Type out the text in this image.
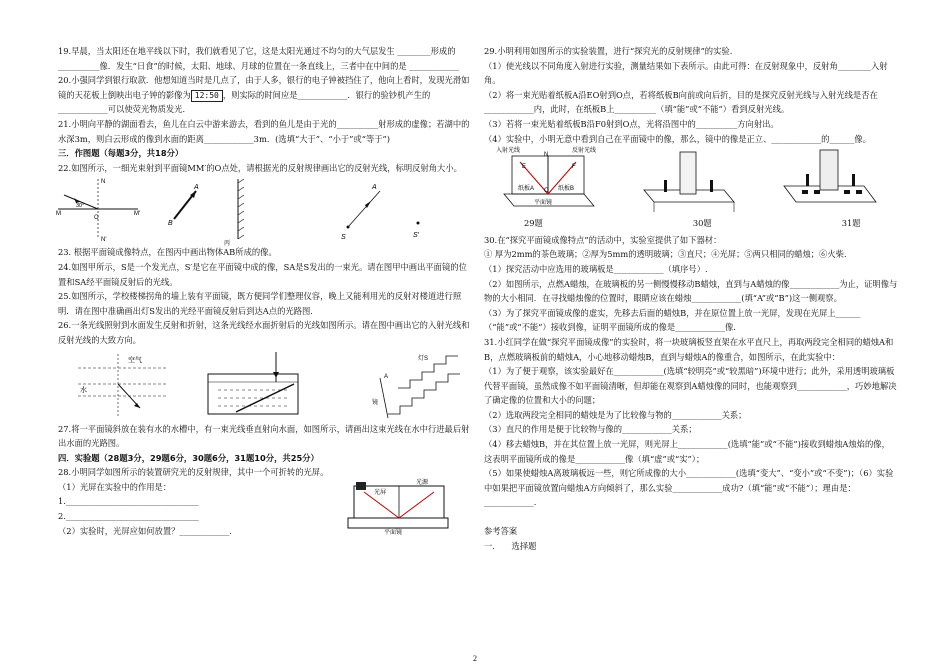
19.早晨，当太阳还在地平线以下时，我们就看见了它，这是太阳光通过不均匀的大气层发生 ________形成的 __________像．发生“日食”的时候，太阳、地球、月球的位置在一条直线上，三者中在中间的是 ____________

20.小强同学到银行取款．他想知道当时是几点了，由于人多，银行的电子钟被挡住了，他向上看时，发现光滑如镜的天花板上倒映出电子钟的影像为 12:50 ，则实际的时间应是____________．银行的验钞机产生的____________可以使荧光物质发光．

21.小明向平静的湖面看去，鱼儿在白云中游来游去，看到的鱼儿是由于光的__________射形成的虚像；若湖中的水深3m，则白云形成的像到水面的距离____________3m．(选填“大于”、“小于”或“等于”)

三．作图题（每题3分，共18分）

22.如图所示，一细光束射到平面镜MM′的O点处，请根据光的反射规律画出它的反射光线，标明反射角大小。

M	M′
N
N′
O
30°
A
B
丙
S
A
S′

23. 根据平面镜成像特点，在图丙中画出物体AB所成的像。

24.如图甲所示，S是一个发光点，S′是它在平面镜中成的像，SA是S发出的一束光。请在图甲中画出平面镜的位置和SA经平面镜反射后的光线。

25.如图所示，学校楼梯拐角的墙上装有平面镜，既方便同学们整理仪容，晚上又能利用光的反射对楼道进行照明．请在图中准确画出灯S发出的光经平面镜反射后到达A点的光路图．

26.一条光线照射到水面发生反射和折射，这条光线经水面折射后的光线如图所示。请在图中画出它的入射光线和反射光线的大致方向。

空气
水
灯S
镜
A

27.将一平面镜斜放在装有水的水槽中，有一束光线垂直射向水面，如图所示，请画出这束光线在水中行进最后射出水面的光路图。

四．实验题（28题3分，29题6分，30题6分，31题10分，共25分）

28.小明同学如图所示的装置研究光的反射规律，其中一个可折转的光屏。

（1）光屏在实验中的作用是：

1.________________________________

2.________________________________

（2）实验时，光屏应如何放置？____________.

光屏
光源
平面镜

29.小明利用如图所示的实验装置，进行“探究光的反射规律”的实验.

（1）使光线以不同角度入射进行实验，测量结果如下表所示。由此可得：在反射现象中，反射角________入射角。

（2）将一束光贴着纸板A沿EO射到O点，若将纸板B向前或向后折，目的是探究反射光线与入射光线是否在____________内，此时，在纸板B上__________（填“能”或“不能”）看到反射光线。

（3）若将一束光贴着纸板B沿F0射到O点，光将沿图中的__________方向射出。

（4）实验中，小明无意中看到自己在平面镜中的像，那么，镜中的像是正立、____________的______像。

入射光线	反射光线
纸板A	纸板B
平面镜
E	F
N
O
29题	30题	31题

30.在“探究平面镜成像特点”的活动中，实验室提供了如下器材：

① 厚为2mm的茶色玻璃；②厚为5mm的透明玻璃；③直尺；④光屏；⑤两只相同的蜡烛；⑥火柴.

（1）探究活动中应选用的玻璃板是____________（填序号）.

（2）如图所示，点燃A蜡烛，在玻璃板的另一侧慢慢移动B蜡烛，直到与A蜡烛的像____________为止，证明像与物的大小相同．在寻找蜡烛像的位置时，眼睛应该在蜡烛____________(填“A”或“B”)这一侧观察。

（3）为了探究平面镜成像的虚实，先移去后面的蜡烛B，并在原位置上放一光屏，发现在光屏上______（“能”或“不能”）接收到像，证明平面镜所成的像是____________像.

31.小红同学在做“探究平面镜成像”的实验时，将一块玻璃板竖直架在水平直尺上，再取两段完全相同的蜡烛A和B，点燃玻璃板前的蜡烛A，小心地移动蜡烛B，直到与蜡烛A的像重合，如图所示，在此实验中：

（1）为了便于观察，该实验最好在____________(选填“较明亮”或“较黑暗”)环境中进行；此外，采用透明玻璃板代替平面镜，虽然成像不如平面镜清晰，但却能在观察到A蜡烛像的同时，也能观察到____________，巧妙地解决了确定像的位置和大小的问题；

（2）选取两段完全相同的蜡烛是为了比较像与物的____________关系；

（3）直尺的作用是便于比较物与像的____________关系；

（4）移去蜡烛B，并在其位置上放一光屏，则光屏上____________(选填“能”或“不能”)接收到蜡烛A烛焰的像，这表明平面镜所成的像是____________像（填“虚”或“实”）；

（5）如果使蜡烛A离玻璃板远一些，则它所成像的大小____________(选填“变大”、“变小”或“不变”)；（6）实验中如果把平面镜放置向蜡烛A方向倾斜了，那么实验____________成功?（填“能”或“不能”）；理由是：____________.

参考答案

一.　　选择题

2
